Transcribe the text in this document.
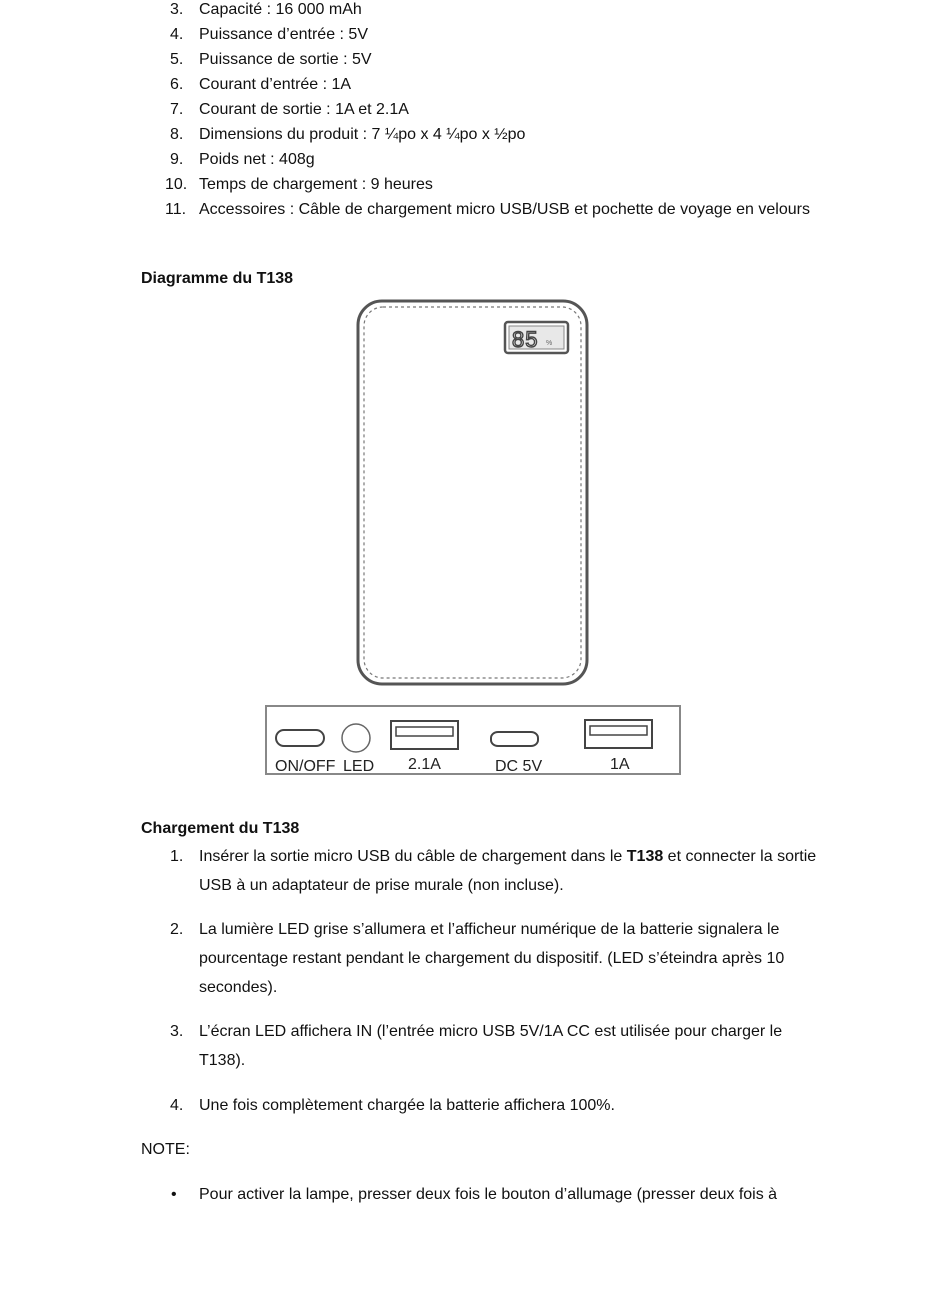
3. Capacité : 16 000 mAh
4. Puissance d’entrée : 5V
5. Puissance de sortie : 5V
6. Courant d’entrée : 1A
7. Courant de sortie : 1A et 2.1A
8. Dimensions du produit : 7 ¼po x 4 ¼po x ½po
9. Poids net : 408g
10. Temps de chargement : 9 heures
11. Accessoires : Câble de chargement micro USB/USB et pochette de voyage en velours
Diagramme du T138
85 %
ON/OFF LED 2.1A	DC 5V	1A
Chargement du T138
1. Insérer la sortie micro USB du câble de chargement dans le T138 et connecter la sortie USB à un adaptateur de prise murale (non incluse).
2. La lumière LED grise s’allumera et l’afficheur numérique de la batterie signalera le pourcentage restant pendant le chargement du dispositif. (LED s’éteindra après 10 secondes).
3. L’écran LED affichera IN (l’entrée micro USB 5V/1A CC est utilisée pour charger le T138).
4. Une fois complètement chargée la batterie affichera 100%.
NOTE:
• Pour activer la lampe, presser deux fois le bouton d’allumage (presser deux fois à
